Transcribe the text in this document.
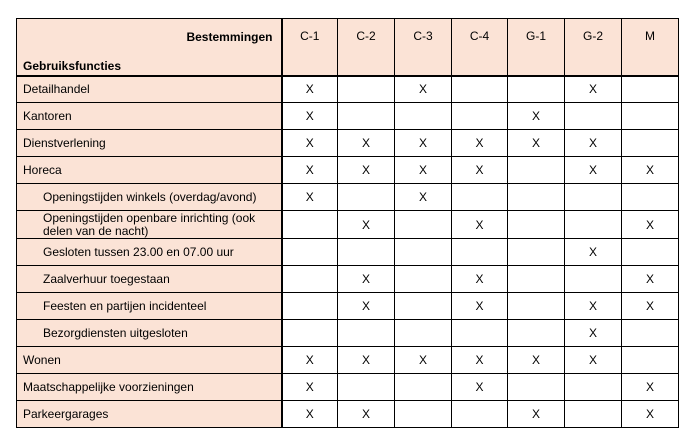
Bestemmingen
Gebruiksfuncties	C-1	C-2	C-3	C-4	G-1	G-2	M
Detailhandel	X		X			X	
Kantoren	X				X		
Dienstverlening	X	X	X	X	X	X	
Horeca	X	X	X	X		X	X
Openingstijden winkels (overdag/avond)	X		X				
Openingstijden openbare inrichting (ook delen van de nacht)		X		X			X
Gesloten tussen 23.00 en 07.00 uur						X	
Zaalverhuur toegestaan		X		X			X
Feesten en partijen incidenteel		X		X		X	X
Bezorgdiensten uitgesloten						X	
Wonen	X	X	X	X	X	X	
Maatschappelijke voorzieningen	X			X			X
Parkeergarages	X	X			X		X
